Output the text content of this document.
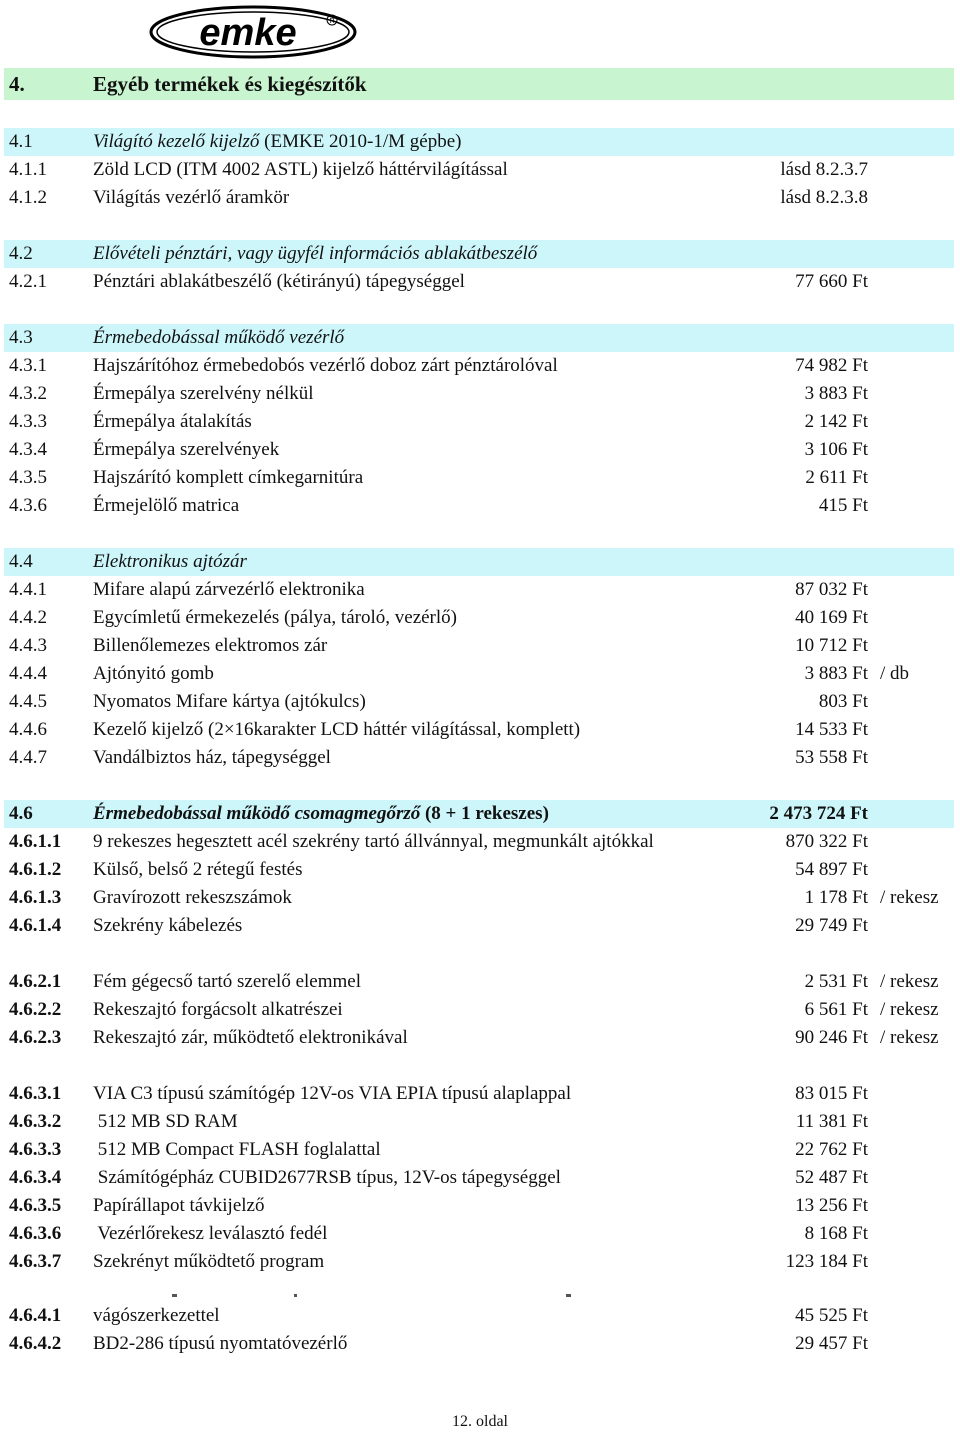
emke	R
4.	Egyéb termékek és kiegészítők
4.1	Világító kezelő kijelző (EMKE 2010-1/M gépbe)
4.1.1 Zöld LCD (ITM 4002 ASTL) kijelző háttérvilágítással	lásd 8.2.3.7
4.1.2 Világítás vezérlő áramkör	lásd 8.2.3.8
4.2	Elővételi pénztári, vagy ügyfél információs ablakátbeszélő
4.2.1 Pénztári ablakátbeszélő (kétirányú) tápegységgel	77 660 Ft
4.3	Érmebedobással működő vezérlő
4.3.1 Hajszárítóhoz érmebedobós vezérlő doboz zárt pénztárolóval	74 982 Ft
4.3.2 Érmepálya szerelvény nélkül	3 883 Ft
4.3.3 Érmepálya átalakítás	2 142 Ft
4.3.4 Érmepálya szerelvények	3 106 Ft
4.3.5 Hajszárító komplett címkegarnitúra	2 611 Ft
4.3.6 Érmejelölő matrica	415 Ft
4.4	Elektronikus ajtózár
4.4.1 Mifare alapú zárvezérlő elektronika	87 032 Ft
4.4.2 Egycímletű érmekezelés (pálya, tároló, vezérlő)	40 169 Ft
4.4.3 Billenőlemezes elektromos zár	10 712 Ft
4.4.4 Ajtónyitó gomb	3 883 Ft / db
4.4.5 Nyomatos Mifare kártya (ajtókulcs)	803 Ft
4.4.6 Kezelő kijelző (2×16karakter LCD háttér világítással, komplett)	14 533 Ft
4.4.7 Vandálbiztos ház, tápegységgel	53 558 Ft
4.6	Érmebedobással működő csomagmegőrző (8 + 1 rekeszes)	2 473 724 Ft
4.6.1.1 9 rekeszes hegesztett acél szekrény tartó állvánnyal, megmunkált ajtókkal	870 322 Ft
4.6.1.2 Külső, belső 2 rétegű festés	54 897 Ft
4.6.1.3 Gravírozott rekeszszámok	1 178 Ft / rekesz
4.6.1.4 Szekrény kábelezés	29 749 Ft
4.6.2.1 Fém gégecső tartó szerelő elemmel	2 531 Ft / rekesz
4.6.2.2 Rekeszajtó forgácsolt alkatrészei	6 561 Ft / rekesz
4.6.2.3 Rekeszajtó zár, működtető elektronikával	90 246 Ft / rekesz
4.6.3.1 VIA C3 típusú számítógép 12V-os VIA EPIA típusú alaplappal	83 015 Ft
4.6.3.2 512 MB SD RAM	11 381 Ft
4.6.3.3 512 MB Compact FLASH foglalattal	22 762 Ft
4.6.3.4 Számítógépház CUBID2677RSB típus, 12V-os tápegységgel	52 487 Ft
4.6.3.5 Papírállapot távkijelző	13 256 Ft
4.6.3.6 Vezérlőrekesz leválasztó fedél	8 168 Ft
4.6.3.7 Szekrényt működtető program	123 184 Ft
4.6.4.1 vágószerkezettel	45 525 Ft
4.6.4.2 BD2-286 típusú nyomtatóvezérlő	29 457 Ft
12. oldal
